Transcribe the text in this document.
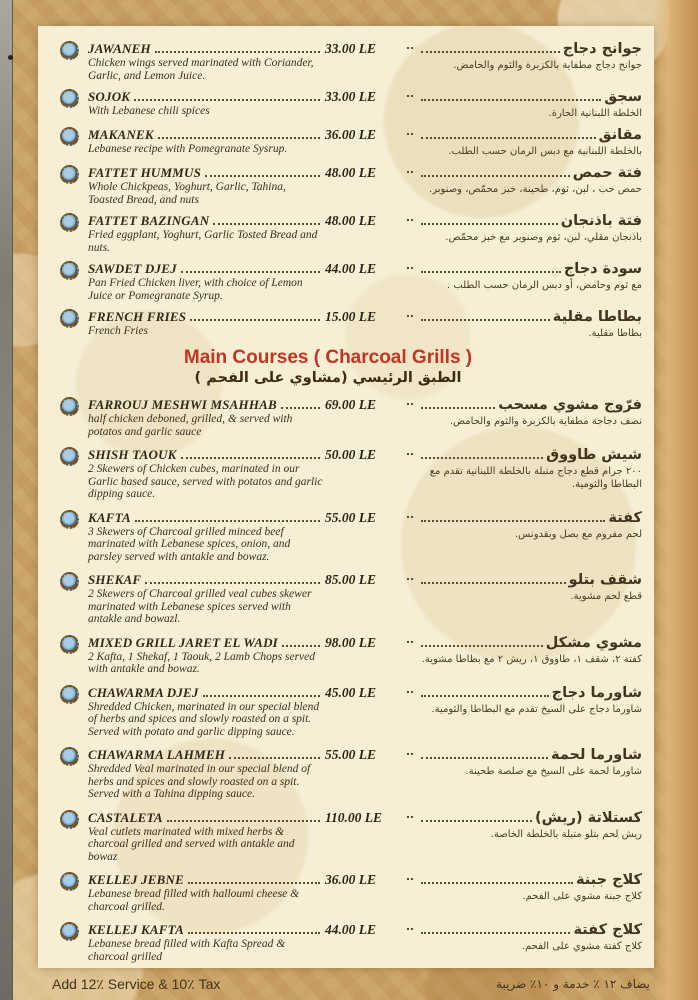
JAWANEH
Chicken wings served marinated with Coriander, Garlic, and Lemon Juice.
33.00 LE	جوانح دجاج
جوانح دجاج مطفاية بالكزبرة والثوم والحامض.
SOJOK
With Lebanese chili spices
33.00 LE	سجق
الخلطة اللبنانية الحارة.
MAKANEK
Lebanese recipe with Pomegranate Sysrup.
36.00 LE	مقانق
بالخلطة اللبنانية مع دبس الرمان حسب الطلب.
FATTET HUMMUS
Whole Chickpeas, Yoghurt, Garlic, Tahina, Toasted Bread, and nuts
48.00 LE	فتة حمص
حمص حب ، لبن، ثوم، طحينة، خبز محمّص، وصنوبر.
FATTET BAZINGAN
Fried eggplant, Yoghurt, Garlic Tosted Bread and nuts.
48.00 LE	فتة باذنجان
باذنجان مقلي، لبن، ثوم وصنوبر مع خبز محمّص.
SAWDET DJEJ
Pan Fried Chicken liver, with choice of Lemon Juice or Pomegranate Syrup.
44.00 LE	سودة دجاج
مع ثوم وحامض، أو دبس الرمان حسب الطلب .
FRENCH FRIES
French Fries
15.00 LE	بطاطا مقلية
بطاطا مقلية.
Main Courses ( Charcoal Grills )
الطبق الرئيسي (مشاوي على الفحم )
FARROUJ MESHWI MSAHHAB
half chicken deboned, grilled, & served with potatos and garlic sauce
69.00 LE	فرّوج مشوي مسحب
نصف دجاجة مطفاية بالكزبرة والثوم والحامض.
SHISH TAOUK
2 Skewers of Chicken cubes, marinated in our Garlic based sauce, served with potatos and garlic dipping sauce.
50.00 LE	شيش طاووق
٢٠٠ جرام قطع دجاج متبلة بالخلطة اللبنانية تقدم مع البطاطا والثومية.
KAFTA
3 Skewers of Charcoal grilled minced beef marinated with Lebanese spices, onion, and parsley served with antakle and bowaz.
55.00 LE	كفتة
لحم مفروم مع بصل وبقدونس.
SHEKAF
2 Skewers of Charcoal grilled veal cubes skewer marinated with Lebanese spices served with antakle and bowazl.
85.00 LE	شقف بتلو
قطع لحم مشوية.
MIXED GRILL JARET EL WADI
2 Kafta, 1 Shekaf, 1 Taouk, 2 Lamb Chops served with antakle and bowaz.
98.00 LE	مشوي مشكل
كفتة ٢، شقف ١، طاووق ١، ريش ٢ مع بطاطا مشوية.
CHAWARMA DJEJ
Shredded Chicken, marinated in our special blend of herbs and spices and slowly roasted on a spit. Served with potato and garlic dipping sauce.
45.00 LE	شاورما دجاج
شاورما دجاج على السيخ تقدم مع البطاطا والثومية.
CHAWARMA LAHMEH
Shredded Veal marinated in our special blend of herbs and spices and slowly roasted on a spit. Served with a Tahina dipping sauce.
55.00 LE	شاورما لحمة
شاورما لحمة على السيخ مع صلصة طحينة.
CASTALETA
Veal cutlets marinated with mixed herbs & charcoal grilled and served with antakle and bowaz
110.00 LE	كستلاتة (ريش)
ريش لحم بتلو متبلة بالخلطة الخاصة.
KELLEJ JEBNE
Lebanese bread filled with halloumi cheese & charcoal grilled.
36.00 LE	كلاج جبنة
كلاج جبنة مشوي على الفحم.
KELLEJ KAFTA
Lebanese bread filled with Kafta Spread & charcoal grilled
44.00 LE	كلاج كفتة
كلاج كفتة مشوي على الفحم.
Add 12٪ Service & 10٪ Tax	يضاف ١٢ ٪ خدمة و ١٠٪ ضريبة
